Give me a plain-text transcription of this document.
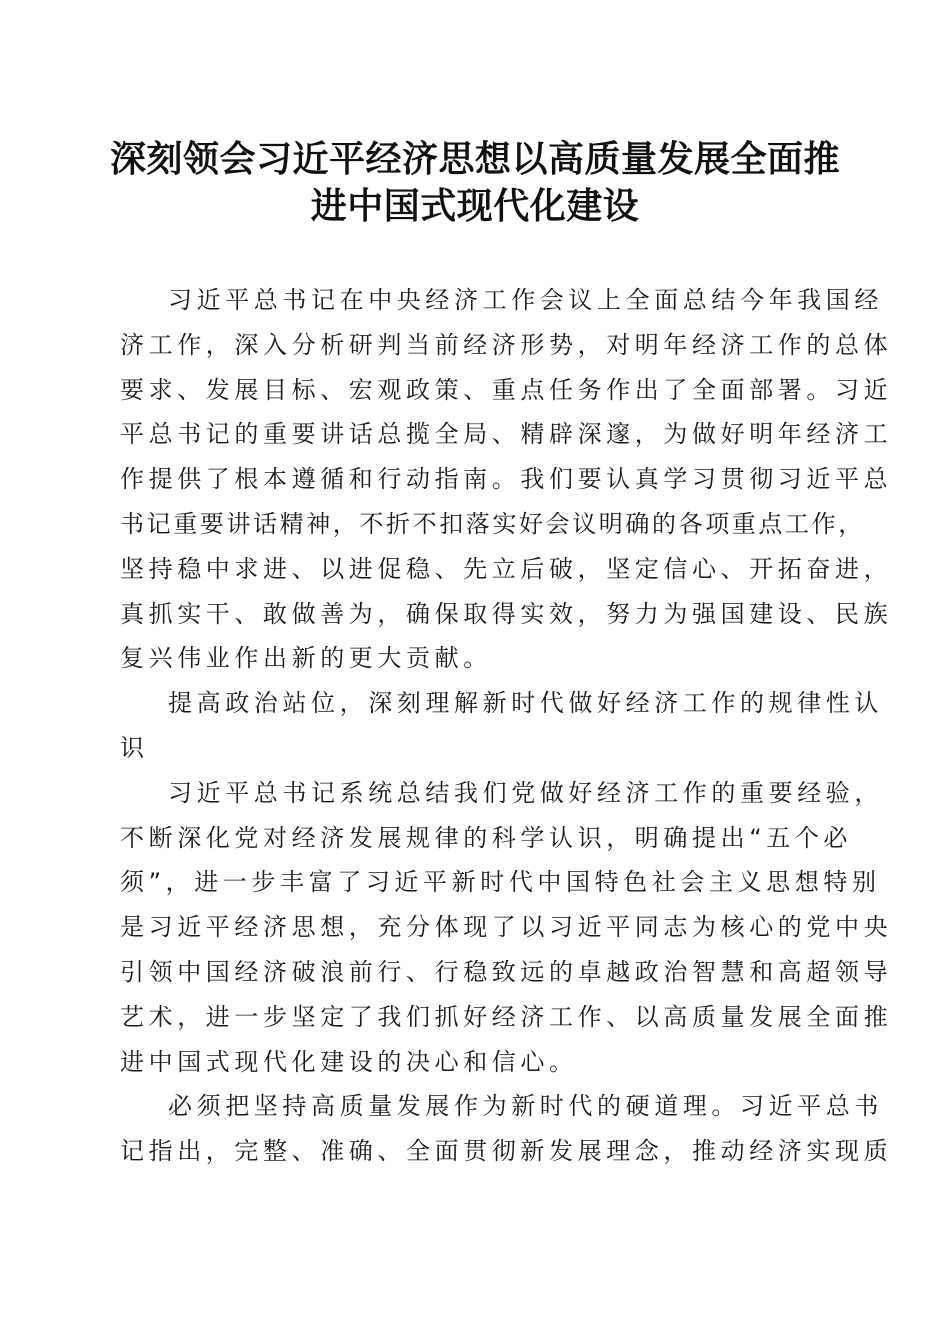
深刻领会习近平经济思想以高质量发展全面推
进中国式现代化建设

习近平总书记在中央经济工作会议上全面总结今年我国经
济工作，深入分析研判当前经济形势，对明年经济工作的总体
要求、发展目标、宏观政策、重点任务作出了全面部署。习近
平总书记的重要讲话总揽全局、精辟深邃，为做好明年经济工
作提供了根本遵循和行动指南。我们要认真学习贯彻习近平总
书记重要讲话精神，不折不扣落实好会议明确的各项重点工作，
坚持稳中求进、以进促稳、先立后破，坚定信心、开拓奋进，
真抓实干、敢做善为，确保取得实效，努力为强国建设、民族
复兴伟业作出新的更大贡献。

提高政治站位，深刻理解新时代做好经济工作的规律性认
识

习近平总书记系统总结我们党做好经济工作的重要经验，
不断深化党对经济发展规律的科学认识，明确提出“五个必
须”，进一步丰富了习近平新时代中国特色社会主义思想特别
是习近平经济思想，充分体现了以习近平同志为核心的党中央
引领中国经济破浪前行、行稳致远的卓越政治智慧和高超领导
艺术，进一步坚定了我们抓好经济工作、以高质量发展全面推
进中国式现代化建设的决心和信心。

必须把坚持高质量发展作为新时代的硬道理。习近平总书
记指出，完整、准确、全面贯彻新发展理念，推动经济实现质
